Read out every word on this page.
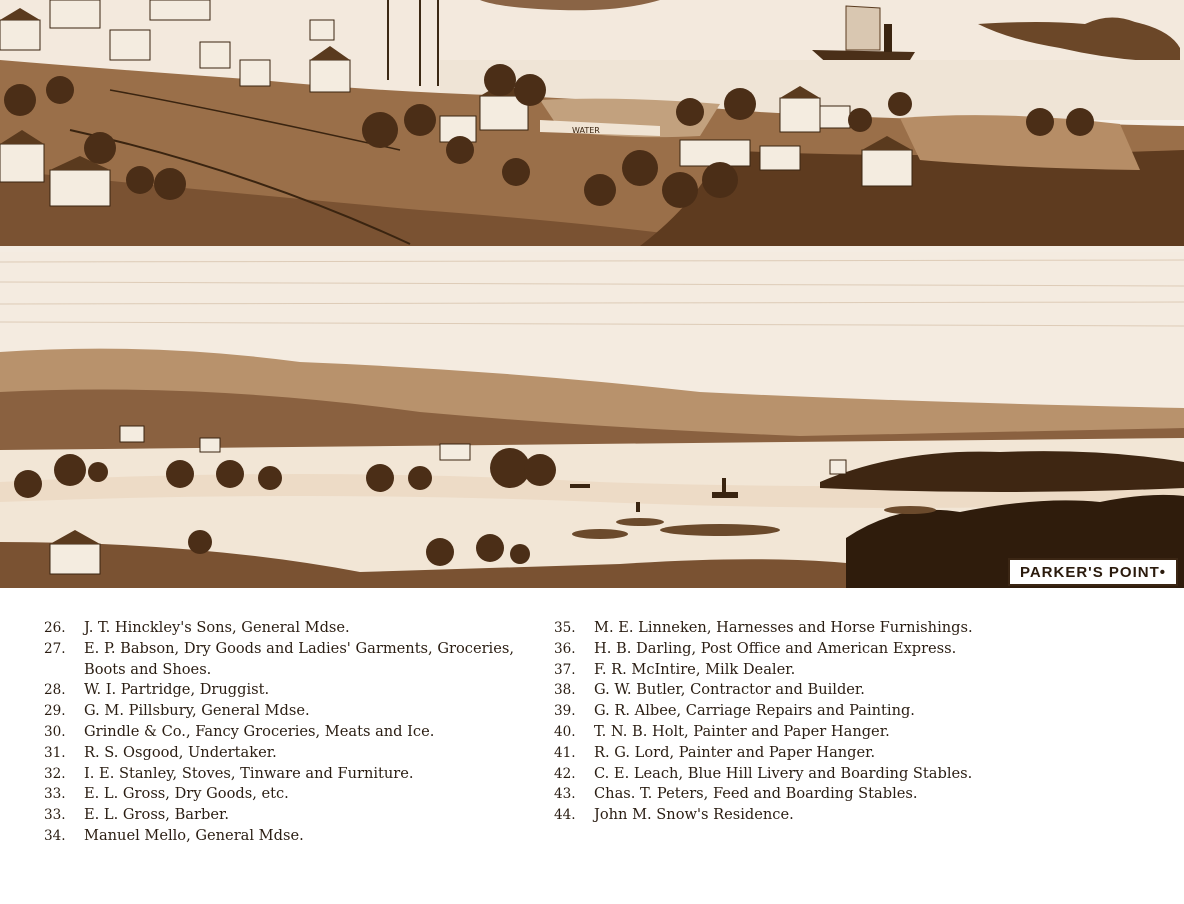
WATER
PARKER'S POINT•
26.	J. T. Hinckley's Sons, General Mdse.
27.	E. P. Babson, Dry Goods and Ladies' Garments, Groceries, Boots and Shoes.
28.	W. I. Partridge, Druggist.
29.	G. M. Pillsbury, General Mdse.
30.	Grindle & Co., Fancy Groceries, Meats and Ice.
31.	R. S. Osgood, Undertaker.
32.	I. E. Stanley, Stoves, Tinware and Furniture.
33.	E. L. Gross, Dry Goods, etc.
33.	E. L. Gross, Barber.
34.	Manuel Mello, General Mdse.
35.	M. E. Linneken, Harnesses and Horse Furnishings.
36.	H. B. Darling, Post Office and American Express.
37.	F. R. McIntire, Milk Dealer.
38.	G. W. Butler, Contractor and Builder.
39.	G. R. Albee, Carriage Repairs and Painting.
40.	T. N. B. Holt, Painter and Paper Hanger.
41.	R. G. Lord, Painter and Paper Hanger.
42.	C. E. Leach, Blue Hill Livery and Boarding Stables.
43.	Chas. T. Peters, Feed and Boarding Stables.
44.	John M. Snow's Residence.
